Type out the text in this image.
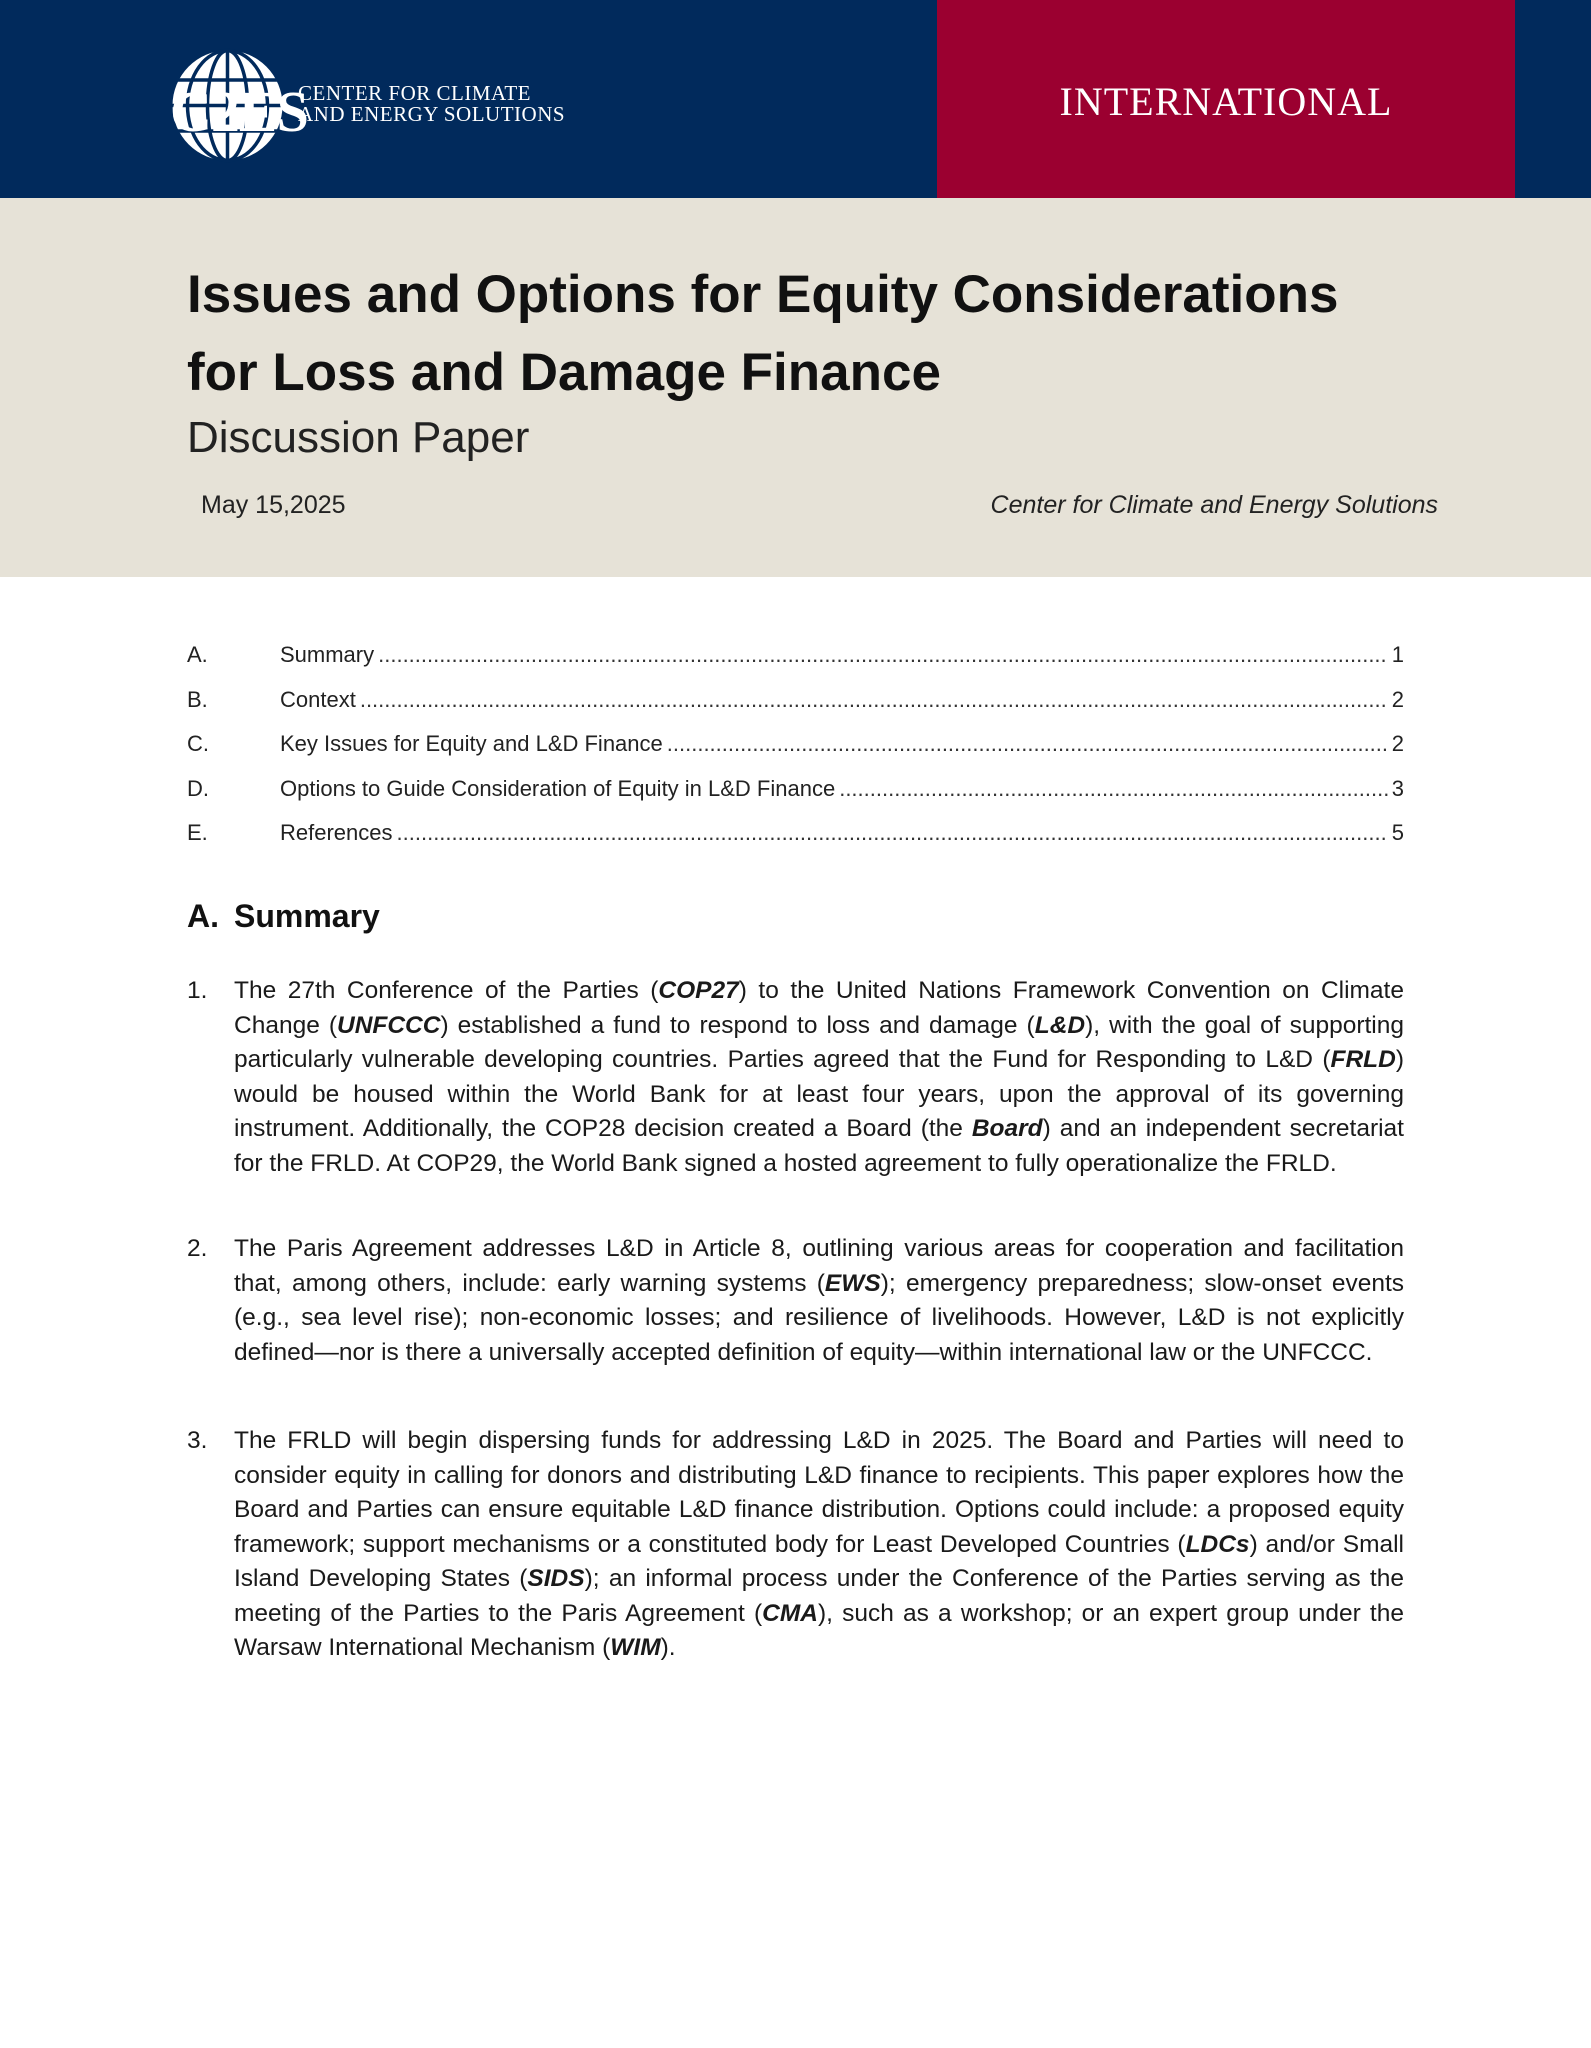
C2ES
CENTER FOR CLIMATE
AND ENERGY SOLUTIONS	INTERNATIONAL
Issues and Options for Equity Considerations
for Loss and Damage Finance
Discussion Paper
May 15,2025	Center for Climate and Energy Solutions
A.	Summary .....	1
B.	Context .....	2
C.	Key Issues for Equity and L&D Finance .....	2
D.	Options to Guide Consideration of Equity in L&D Finance .....	3
E.	References .....	5
A. Summary
1. The 27th Conference of the Parties (COP27) to the United Nations Framework Convention on Climate Change (UNFCCC) established a fund to respond to loss and damage (L&D), with the goal of supporting particularly vulnerable developing countries. Parties agreed that the Fund for Responding to L&D (FRLD) would be housed within the World Bank for at least four years, upon the approval of its governing instrument. Additionally, the COP28 decision created a Board (the Board) and an independent secretariat for the FRLD. At COP29, the World Bank signed a hosted agreement to fully operationalize the FRLD.
2. The Paris Agreement addresses L&D in Article 8, outlining various areas for cooperation and facilitation that, among others, include: early warning systems (EWS); emergency preparedness; slow-onset events (e.g., sea level rise); non-economic losses; and resilience of livelihoods. However, L&D is not explicitly defined—nor is there a universally accepted definition of equity—within international law or the UNFCCC.
3. The FRLD will begin dispersing funds for addressing L&D in 2025. The Board and Parties will need to consider equity in calling for donors and distributing L&D finance to recipients. This paper explores how the Board and Parties can ensure equitable L&D finance distribution. Options could include: a proposed equity framework; support mechanisms or a constituted body for Least Developed Countries (LDCs) and/or Small Island Developing States (SIDS); an informal process under the Conference of the Parties serving as the meeting of the Parties to the Paris Agreement (CMA), such as a workshop; or an expert group under the Warsaw International Mechanism (WIM).
